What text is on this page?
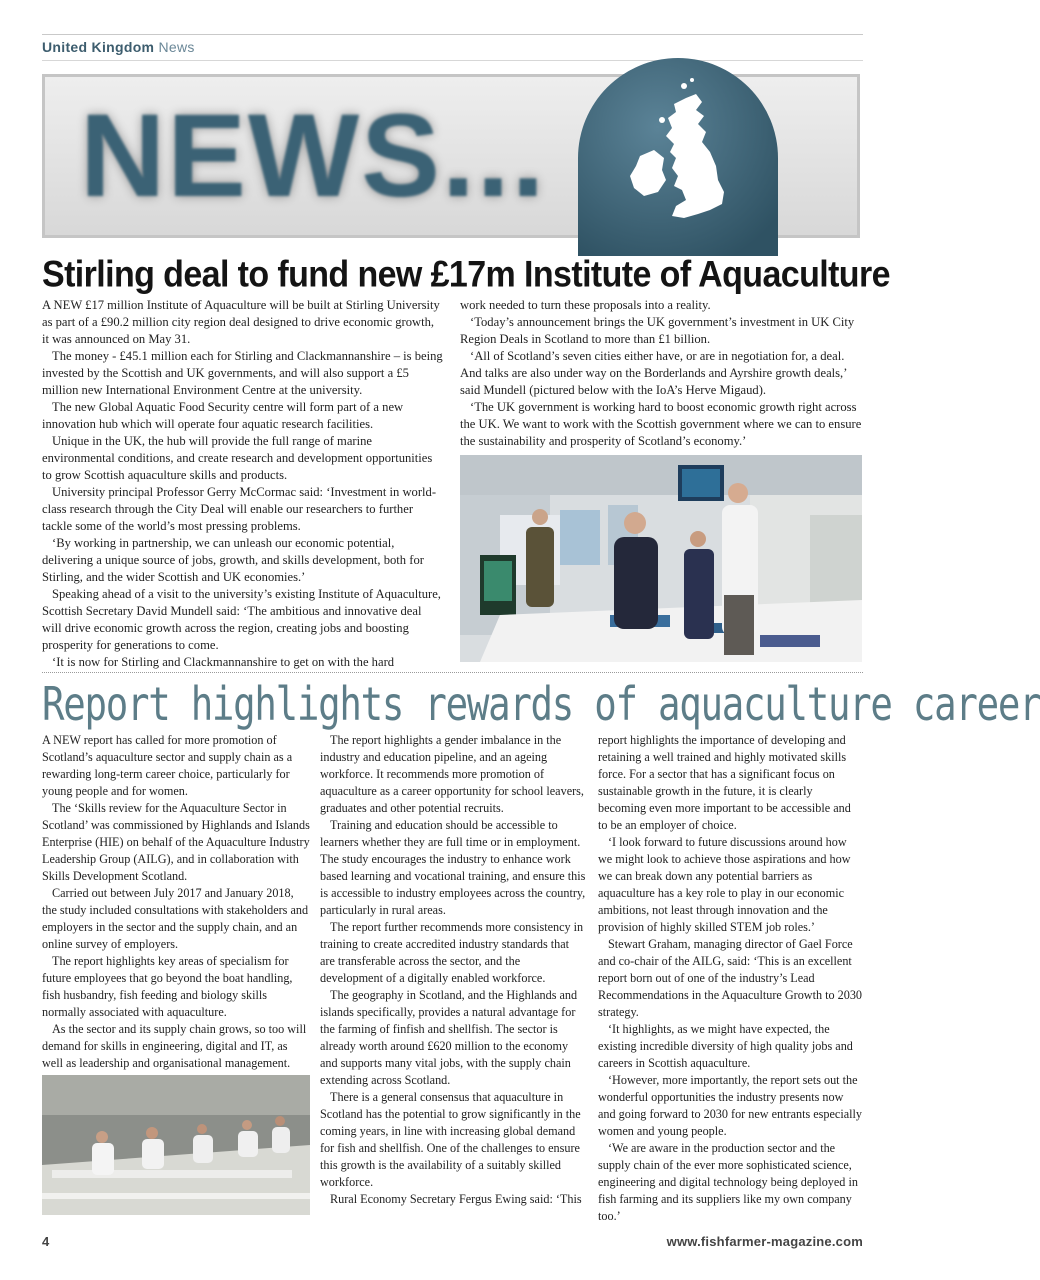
United Kingdom News
NEWS...
Stirling deal to fund new £17m Institute of Aquaculture

A NEW £17 million Institute of Aquaculture will be built at Stirling University as part of a £90.2 million city region deal designed to drive economic growth, it was announced on May 31.

The money - £45.1 million each for Stirling and Clackmannanshire – is being invested by the Scottish and UK governments, and will also support a £5 million new International Environment Centre at the university.

The new Global Aquatic Food Security centre will form part of a new innovation hub which will operate four aquatic research facilities.

Unique in the UK, the hub will provide the full range of marine environmental conditions, and create research and development opportunities to grow Scottish aquaculture skills and products.

University principal Professor Gerry McCormac said: ‘Investment in world-class research through the City Deal will enable our researchers to further tackle some of the world’s most pressing problems.

‘By working in partnership, we can unleash our economic potential, delivering a unique source of jobs, growth, and skills development, both for Stirling, and the wider Scottish and UK economies.’

Speaking ahead of a visit to the university’s existing Institute of Aquaculture, Scottish Secretary David Mundell said: ‘The ambitious and innovative deal will drive economic growth across the region, creating jobs and boosting prosperity for generations to come.

‘It is now for Stirling and Clackmannanshire to get on with the hard

work needed to turn these proposals into a reality.

‘Today’s announcement brings the UK government’s investment in UK City Region Deals in Scotland to more than £1 billion.

‘All of Scotland’s seven cities either have, or are in negotiation for, a deal. And talks are also under way on the Borderlands and Ayrshire growth deals,’ said Mundell (pictured below with the IoA’s Herve Migaud).

‘The UK government is working hard to boost economic growth right across the UK. We want to work with the Scottish government where we can to ensure the sustainability and prosperity of Scotland’s economy.’

Report highlights rewards of aquaculture career

A NEW report has called for more promotion of Scotland’s aquaculture sector and supply chain as a rewarding long-term career choice, particularly for young people and for women.

The ‘Skills review for the Aquaculture Sector in Scotland’ was commissioned by Highlands and Islands Enterprise (HIE) on behalf of the Aquaculture Industry Leadership Group (AILG), and in collaboration with Skills Development Scotland.

Carried out between July 2017 and January 2018, the study included consultations with stakeholders and employers in the sector and the supply chain, and an online survey of employers.

The report highlights key areas of specialism for future employees that go beyond the boat handling, fish husbandry, fish feeding and biology skills normally associated with aquaculture.

As the sector and its supply chain grows, so too will demand for skills in engineering, digital and IT, as well as leadership and organisational management.

The report highlights a gender imbalance in the industry and education pipeline, and an ageing workforce. It recommends more promotion of aquaculture as a career opportunity for school leavers, graduates and other potential recruits.

Training and education should be accessible to learners whether they are full time or in employment. The study encourages the industry to enhance work based learning and vocational training, and ensure this is accessible to industry employees across the country, particularly in rural areas.

The report further recommends more consistency in training to create accredited industry standards that are transferable across the sector, and the development of a digitally enabled workforce.

The geography in Scotland, and the Highlands and islands specifically, provides a natural advantage for the farming of finfish and shellfish. The sector is already worth around £620 million to the economy and supports many vital jobs, with the supply chain extending across Scotland.

There is a general consensus that aquaculture in Scotland has the potential to grow significantly in the coming years, in line with increasing global demand for fish and shellfish. One of the challenges to ensure this growth is the availability of a suitably skilled workforce.

Rural Economy Secretary Fergus Ewing said: ‘This

report highlights the importance of developing and retaining a well trained and highly motivated skills force. For a sector that has a significant focus on sustainable growth in the future, it is clearly becoming even more important to be accessible and to be an employer of choice.

‘I look forward to future discussions around how we might look to achieve those aspirations and how we can break down any potential barriers as aquaculture has a key role to play in our economic ambitions, not least through innovation and the provision of highly skilled STEM job roles.’

Stewart Graham, managing director of Gael Force and co-chair of the AILG, said: ‘This is an excellent report born out of one of the industry’s Lead Recommendations in the Aquaculture Growth to 2030 strategy.

‘It highlights, as we might have expected, the existing incredible diversity of high quality jobs and careers in Scottish aquaculture.

‘However, more importantly, the report sets out the wonderful opportunities the industry presents now and going forward to 2030 for new entrants especially women and young people.

‘We are aware in the production sector and the supply chain of the ever more sophisticated science, engineering and digital technology being deployed in fish farming and its suppliers like my own company too.’

4	www.fishfarmer-magazine.com
